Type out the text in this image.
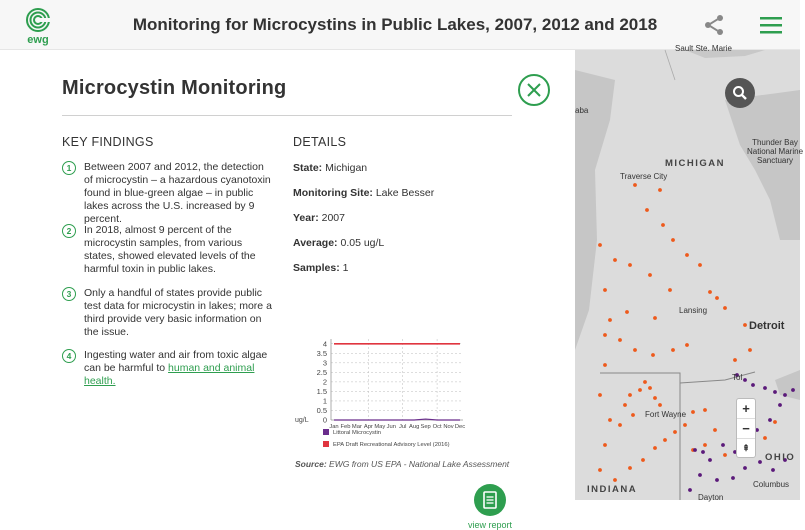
ewg
Monitoring for Microcystins in Public Lakes, 2007, 2012 and 2018
Microcystin Monitoring
KEY FINDINGS	DETAILS
1	Between 2007 and 2012, the detection of microcystin – a hazardous cyanotoxin found in blue-green algae – in public lakes across the U.S. increased by 9 percent.
2	In 2018, almost 9 percent of the microcystin samples, from various states, showed elevated levels of the harmful toxin in public lakes.
3	Only a handful of states provide public test data for microcystin in lakes; more a third provide very basic information on the issue.
4	Ingesting water and air from toxic algae can be harmful to human and animal health.
State: Michigan
Monitoring Site: Lake Besser
Year: 2007
Average: 0.05 ug/L
Samples: 1
0
0.5
1
1.5
2
2.5
3
3.5
4
ug/L
Jan Feb Mar Apr May Jun Jul Aug Sep Oct Nov Dec
Littoral Microcystin
EPA Draft Recreational Advisory Level (2016)
Source: EWG from US EPA - National Lake Assessment
view report
Sault Ste. Marie
aba
Thunder Bay National Marine Sanctuary
MICHIGAN
Traverse City
Lansing
Detroit
Tol
Fort Wayne
OHIO
INDIANA	Columbus
Dayton
+
−
⇞
